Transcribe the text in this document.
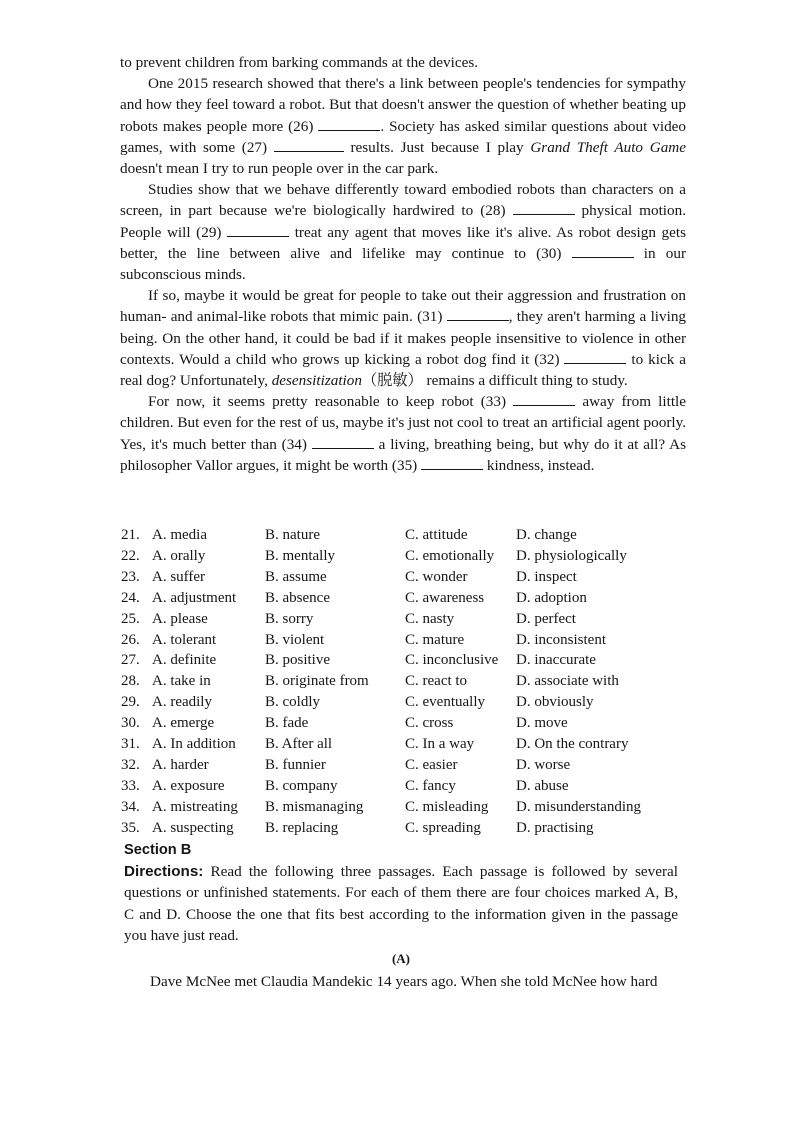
to prevent children from barking commands at the devices.

One 2015 research showed that there's a link between people's tendencies for sympathy and how they feel toward a robot. But that doesn't answer the question of whether beating up robots makes people more (26)	. Society has asked similar questions about video games, with some (27)	results. Just because I play Grand Theft Auto Game doesn't mean I try to run people over in the car park.

Studies show that we behave differently toward embodied robots than characters on a screen, in part because we're biologically hardwired to (28)	physical motion. People will (29)	treat any agent that moves like it's alive. As robot design gets better, the line between alive and lifelike may continue to (30)	in our subconscious minds.

If so, maybe it would be great for people to take out their aggression and frustration on human- and animal-like robots that mimic pain. (31)	, they aren't harming a living being. On the other hand, it could be bad if it makes people insensitive to violence in other contexts. Would a child who grows up kicking a robot dog find it (32)	to kick a real dog? Unfortunately, desensitization（脱敏） remains a difficult thing to study.

For now, it seems pretty reasonable to keep robot (33)	away from little children. But even for the rest of us, maybe it's just not cool to treat an artificial agent poorly. Yes, it's much better than (34)	a living, breathing being, but why do it at all? As philosopher Vallor argues, it might be worth (35)	kindness, instead.

21. A. media	B. nature	C. attitude	D. change
22. A. orally	B. mentally	C. emotionally	D. physiologically
23. A. suffer	B. assume	C. wonder	D. inspect
24. A. adjustment	B. absence	C. awareness	D. adoption
25. A. please	B. sorry	C. nasty	D. perfect
26. A. tolerant	B. violent	C. mature	D. inconsistent
27. A. definite	B. positive	C. inconclusive	D. inaccurate
28. A. take in	B. originate from	C. react to	D. associate with
29. A. readily	B. coldly	C. eventually	D. obviously
30. A. emerge	B. fade	C. cross	D. move
31. A. In addition	B. After all	C. In a way	D. On the contrary
32. A. harder	B. funnier	C. easier	D. worse
33. A. exposure	B. company	C. fancy	D. abuse
34. A. mistreating	B. mismanaging	C. misleading	D. misunderstanding
35. A. suspecting	B. replacing	C. spreading	D. practising
Section B

Directions: Read the following three passages. Each passage is followed by several questions or unfinished statements. For each of them there are four choices marked A, B, C and D. Choose the one that fits best according to the information given in the passage you have just read.

(A)

Dave McNee met Claudia Mandekic 14 years ago. When she told McNee how hard
